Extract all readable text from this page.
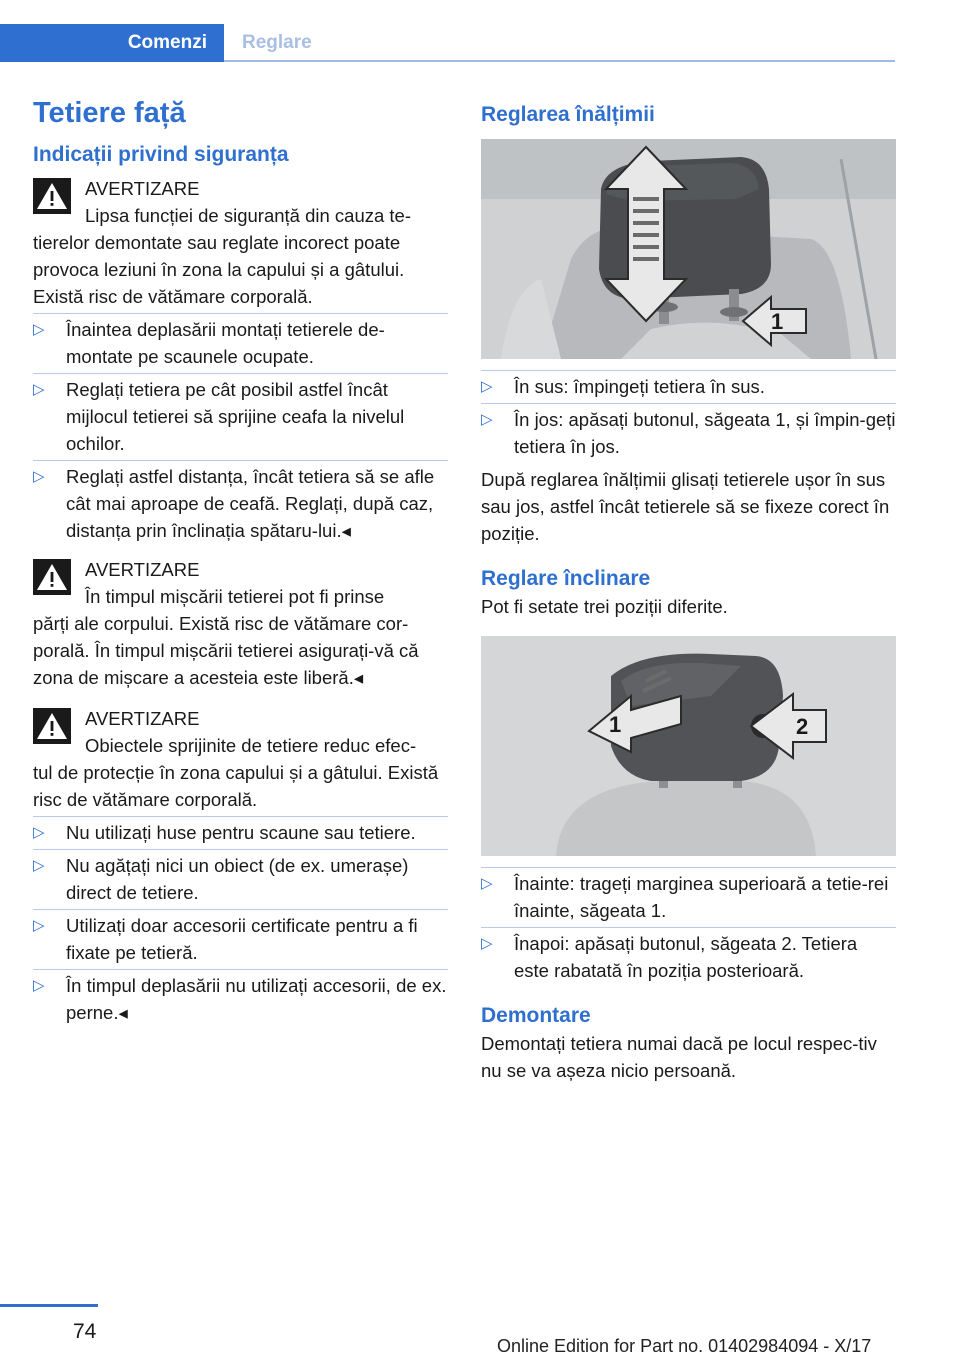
Comenzi	Reglare
Tetiere față
Indicații privind siguranța
AVERTIZARE
Lipsa funcției de siguranță din cauza te-
tierelor demontate sau reglate incorect poate provoca leziuni în zona la capului și a gâtului. Există risc de vătămare corporală.
▷ Înaintea deplasării montați tetierele de-montate pe scaunele ocupate.
▷ Reglați tetiera pe cât posibil astfel încât mijlocul tetierei să sprijine ceafa la nivelul ochilor.
▷ Reglați astfel distanța, încât tetiera să se afle cât mai aproape de ceafă. Reglați, după caz, distanța prin înclinația spătaru-lui.◂
AVERTIZARE
În timpul mișcării tetierei pot fi prinse
părți ale corpului. Există risc de vătămare cor-porală. În timpul mișcării tetierei asigurați-vă că zona de mișcare a acesteia este liberă.◂
AVERTIZARE
Obiectele sprijinite de tetiere reduc efec-
tul de protecție în zona capului și a gâtului. Există risc de vătămare corporală.
▷ Nu utilizați huse pentru scaune sau tetiere.
▷ Nu agățați nici un obiect (de ex. umerașe) direct de tetiere.
▷ Utilizați doar accesorii certificate pentru a fi fixate pe tetieră.
▷ În timpul deplasării nu utilizați accesorii, de ex. perne.◂
Reglarea înălțimii
1
▷ În sus: împingeți tetiera în sus.
▷ În jos: apăsați butonul, săgeata 1, și împin-geți tetiera în jos.

După reglarea înălțimii glisați tetierele ușor în sus sau jos, astfel încât tetierele să se fixeze corect în poziție.

Reglare înclinare

Pot fi setate trei poziții diferite.

1	2
▷ Înainte: trageți marginea superioară a tetie-rei înainte, săgeata 1.
▷ Înapoi: apăsați butonul, săgeata 2. Tetiera este rabatată în poziția posterioară.
Demontare

Demontați tetiera numai dacă pe locul respec-tiv nu se va așeza nicio persoană.

74
Online Edition for Part no. 01402984094 - X/17
